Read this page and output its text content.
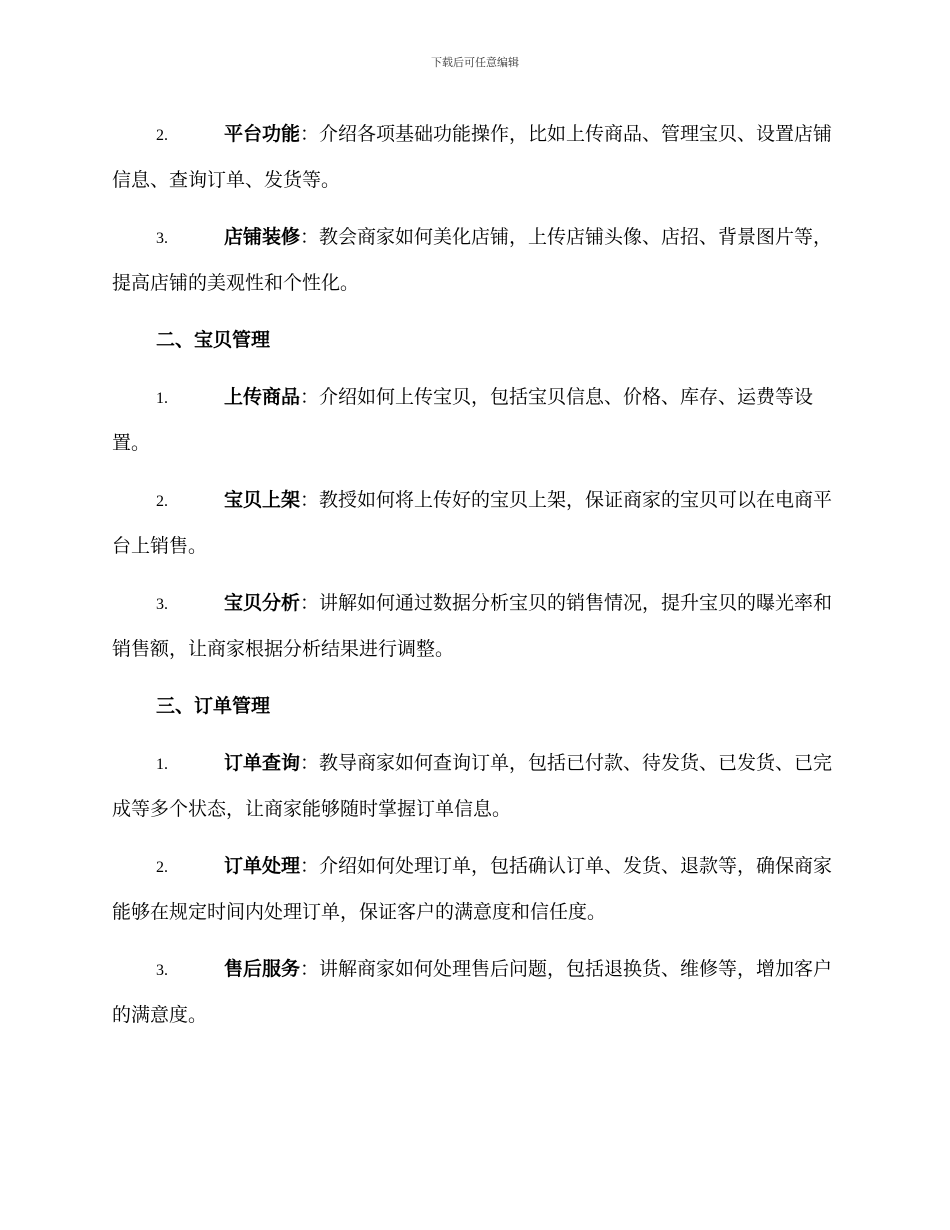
下载后可任意编辑

2.	平台功能：介绍各项基础功能操作，比如上传商品、管理宝贝、设置店铺信息、查询订单、发货等。

3.	店铺装修：教会商家如何美化店铺，上传店铺头像、店招、背景图片等，提高店铺的美观性和个性化。

二、宝贝管理

1.	上传商品：介绍如何上传宝贝，包括宝贝信息、价格、库存、运费等设置。

2.	宝贝上架：教授如何将上传好的宝贝上架，保证商家的宝贝可以在电商平台上销售。

3.	宝贝分析：讲解如何通过数据分析宝贝的销售情况，提升宝贝的曝光率和销售额，让商家根据分析结果进行调整。

三、订单管理

1.	订单查询：教导商家如何查询订单，包括已付款、待发货、已发货、已完成等多个状态，让商家能够随时掌握订单信息。

2.	订单处理：介绍如何处理订单，包括确认订单、发货、退款等，确保商家能够在规定时间内处理订单，保证客户的满意度和信任度。

3.	售后服务：讲解商家如何处理售后问题，包括退换货、维修等，增加客户的满意度。
